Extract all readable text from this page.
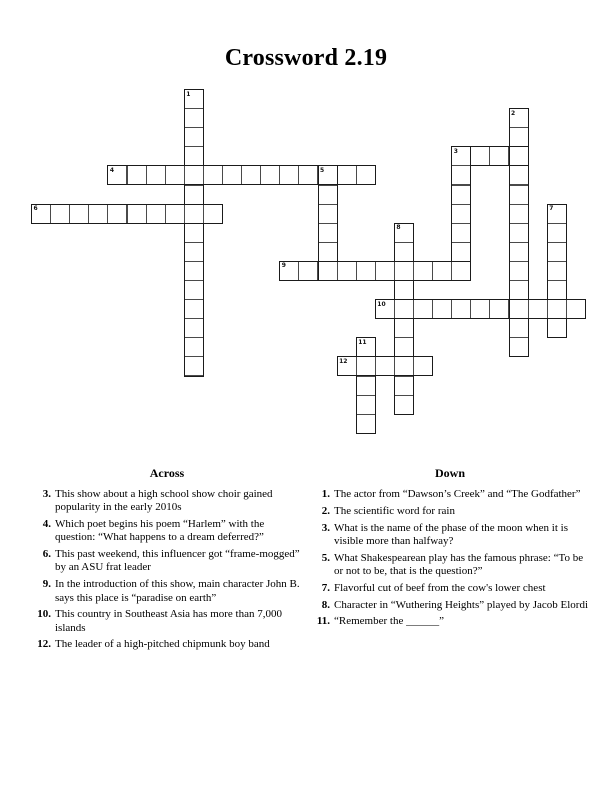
Crossword 2.19
1
2
3
4	5
6	7
8
9
10
11
12
Across
3. This show about a high school show choir gained popularity in the early 2010s
4. Which poet begins his poem “Harlem” with the question: “What happens to a dream deferred?”
6. This past weekend, this influencer got “frame-mogged” by an ASU frat leader
9. In the introduction of this show, main character John B. says this place is “paradise on earth”
10. This country in Southeast Asia has more than 7,000 islands
12. The leader of a high-pitched chipmunk boy band
Down
1. The actor from “Dawson’s Creek” and “The Godfather”
2. The scientific word for rain
3. What is the name of the phase of the moon when it is visible more than halfway?
5. What Shakespearean play has the famous phrase: “To be or not to be, that is the question?”
7. Flavorful cut of beef from the cow's lower chest
8. Character in “Wuthering Heights” played by Jacob Elordi
11. “Remember the ______”
